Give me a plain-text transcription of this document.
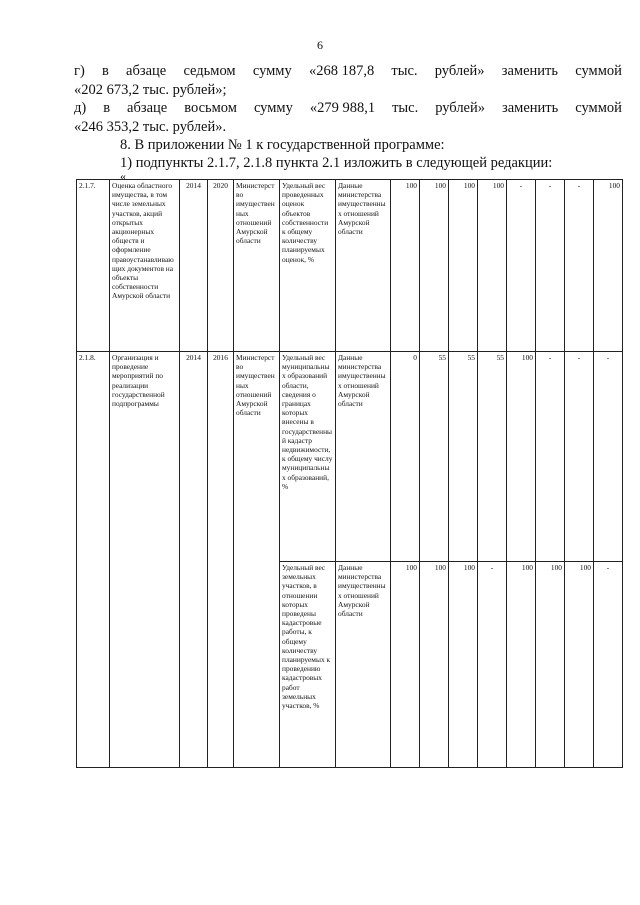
6
г) в абзаце седьмом сумму «268 187,8 тыс. рублей» заменить суммой
«202 673,2 тыс. рублей»;
д) в абзаце восьмом сумму «279 988,1 тыс. рублей» заменить суммой
«246 353,2 тыс. рублей».
8. В приложении № 1 к государственной программе:
1) подпункты 2.1.7, 2.1.8 пункта 2.1 изложить в следующей редакции:
«
2.1.7.	Оценка областного имущества, в том числе земельных участков, акций открытых акционерных обществ и оформление правоустанавливающих документов на объекты собственности Амурской области	2014	2020	Министерство имущественных отношений Амурской области	Удельный вес проведенных оценок объектов собственности к общему количеству планируемых оценок, %	Данные министерства имущественных отношений Амурской области	100	100	100	100	-	-	-	100
2.1.8.	Организация и проведение мероприятий по реализации государственной подпрограммы	2014	2016	Министерство имущественных отношений Амурской области	Удельный вес муниципальных образований области, сведения о границах которых внесены в государственный кадастр недвижимости, к общему числу муниципальных образований, %	Данные министерства имущественных отношений Амурской области	0	55	55	55	100	-	-	-
					Удельный вес земельных участков, в отношении которых проведены кадастровые работы, к общему количеству планируемых к проведению кадастровых работ земельных участков, %	Данные министерства имущественных отношений Амурской области	100	100	100	-	100	100	100	-
